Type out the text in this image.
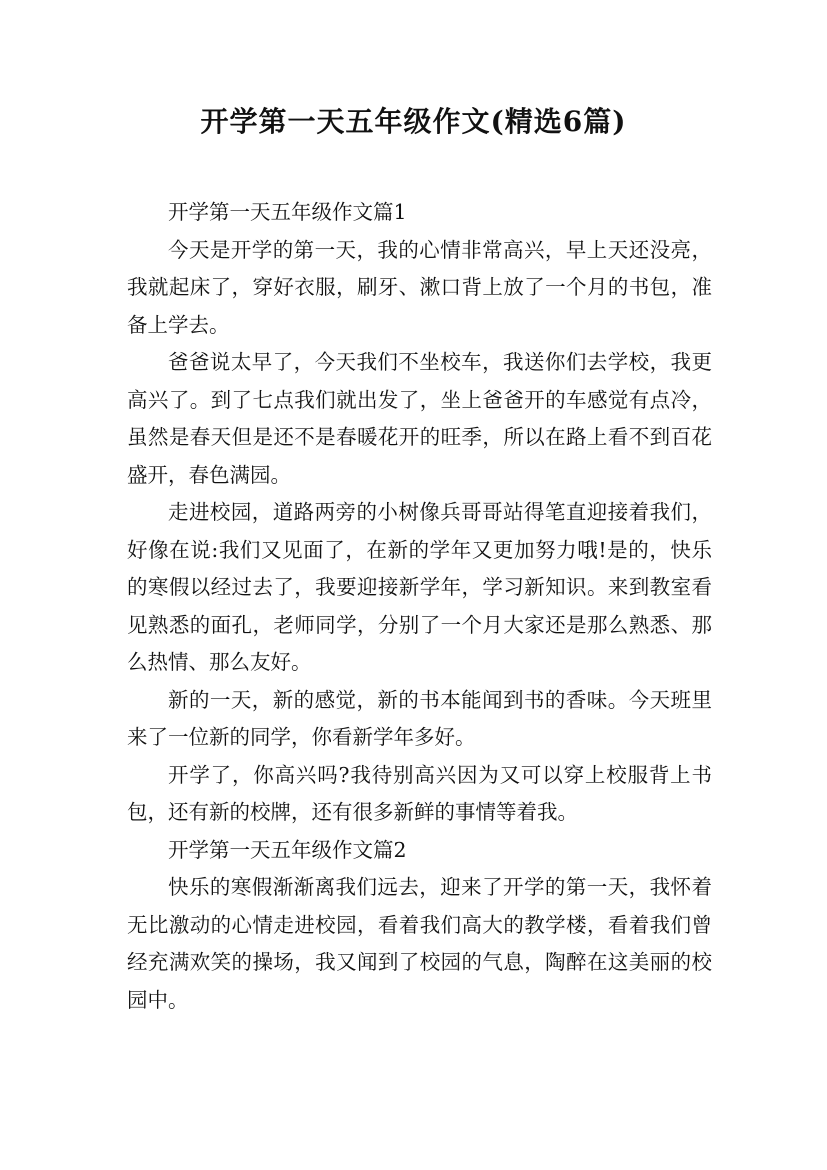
开学第一天五年级作文(精选6篇)
开学第一天五年级作文篇1

今天是开学的第一天，我的心情非常高兴，早上天还没亮，我就起床了，穿好衣服，刷牙、漱口背上放了一个月的书包，准备上学去。

爸爸说太早了，今天我们不坐校车，我送你们去学校，我更高兴了。到了七点我们就出发了，坐上爸爸开的车感觉有点冷，虽然是春天但是还不是春暖花开的旺季，所以在路上看不到百花盛开，春色满园。

走进校园，道路两旁的小树像兵哥哥站得笔直迎接着我们，好像在说:我们又见面了，在新的学年又更加努力哦!是的，快乐的寒假以经过去了，我要迎接新学年，学习新知识。来到教室看见熟悉的面孔，老师同学，分别了一个月大家还是那么熟悉、那么热情、那么友好。

新的一天，新的感觉，新的书本能闻到书的香味。今天班里来了一位新的同学，你看新学年多好。

开学了，你高兴吗?我待别高兴因为又可以穿上校服背上书包，还有新的校牌，还有很多新鲜的事情等着我。

开学第一天五年级作文篇2

快乐的寒假渐渐离我们远去，迎来了开学的第一天，我怀着无比激动的心情走进校园，看着我们高大的教学楼，看着我们曾经充满欢笑的操场，我又闻到了校园的气息，陶醉在这美丽的校园中。
